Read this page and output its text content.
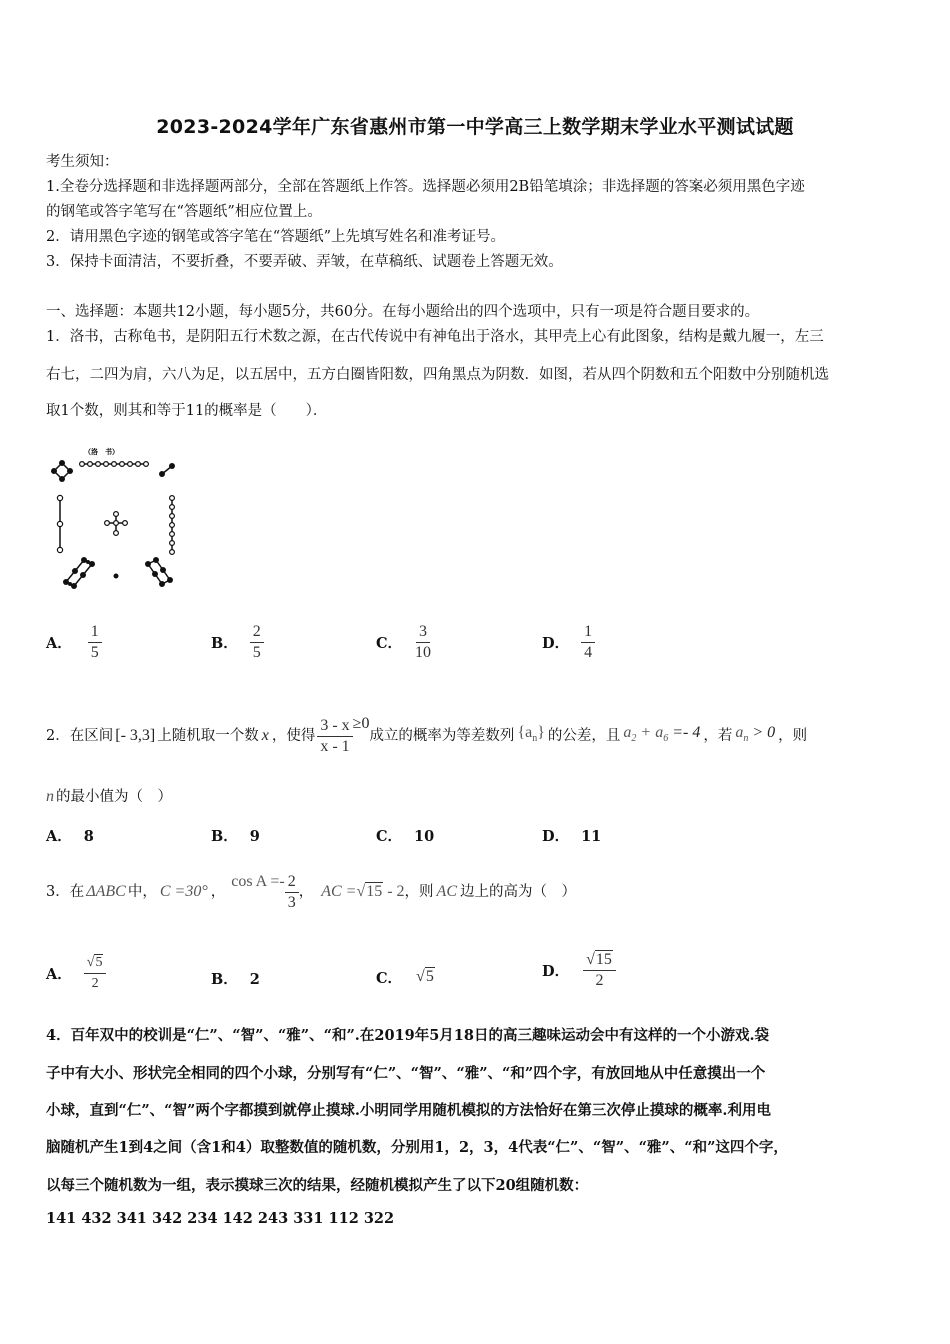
2023-2024学年广东省惠州市第一中学高三上数学期末学业水平测试试题
考生须知：
1.全卷分选择题和非选择题两部分，全部在答题纸上作答。选择题必须用2B铅笔填涂；非选择题的答案必须用黑色字迹
的钢笔或答字笔写在“答题纸”相应位置上。
2．请用黑色字迹的钢笔或答字笔在“答题纸”上先填写姓名和准考证号。
3．保持卡面清洁，不要折叠，不要弄破、弄皱，在草稿纸、试题卷上答题无效。
一、选择题：本题共12小题，每小题5分，共60分。在每小题给出的四个选项中，只有一项是符合题目要求的。
1．洛书，古称龟书，是阴阳五行术数之源，在古代传说中有神龟出于洛水，其甲壳上心有此图象，结构是戴九履一，左三
右七，二四为肩，六八为足，以五居中，五方白圈皆阳数，四角黑点为阴数．如图，若从四个阴数和五个阳数中分别随机选
取1个数，则其和等于11的概率是（　　）．
（洛　书）
A． $\frac{1}{5}$	B． $\frac{2}{5}$	C． $\frac{3}{10}$	D． $\frac{1}{4}$
2．在区间 [- 3,3] 上随机取一个数 x ，使得 $\frac{3 - x}{x - 1} \ge 0$
成立的概率为等差数列 $\{a_n\}$ 的公差，且 $a_2 + a_6 =- 4$ ，若 $a_n > 0$ ，则
n 的最小值为（　）
A． 8	B． 9	C． 10	D． 11
3．在 ΔABC 中， C =30° ，
$\cos A =- \frac{2}{3}$ ， AC = √15 - 2 ，则 AC 边上的高为（　）
A． $\frac{√5}{2}$	B． 2	C． √5	D． $\frac{√15}{2}$
4．百年双中的校训是“仁”、“智”、“雅”、“和”.在2019年5月18日的高三趣味运动会中有这样的一个小游戏.袋
子中有大小、形状完全相同的四个小球，分别写有“仁”、“智”、“雅”、“和”四个字，有放回地从中任意摸出一个
小球，直到“仁”、“智”两个字都摸到就停止摸球.小明同学用随机模拟的方法恰好在第三次停止摸球的概率.利用电
脑随机产生1到4之间（含1和4）取整数值的随机数，分别用1，2，3，4代表“仁”、“智”、“雅”、“和”这四个字，
以每三个随机数为一组，表示摸球三次的结果，经随机模拟产生了以下20组随机数：
141 432 341 342 234 142 243 331 112 322
